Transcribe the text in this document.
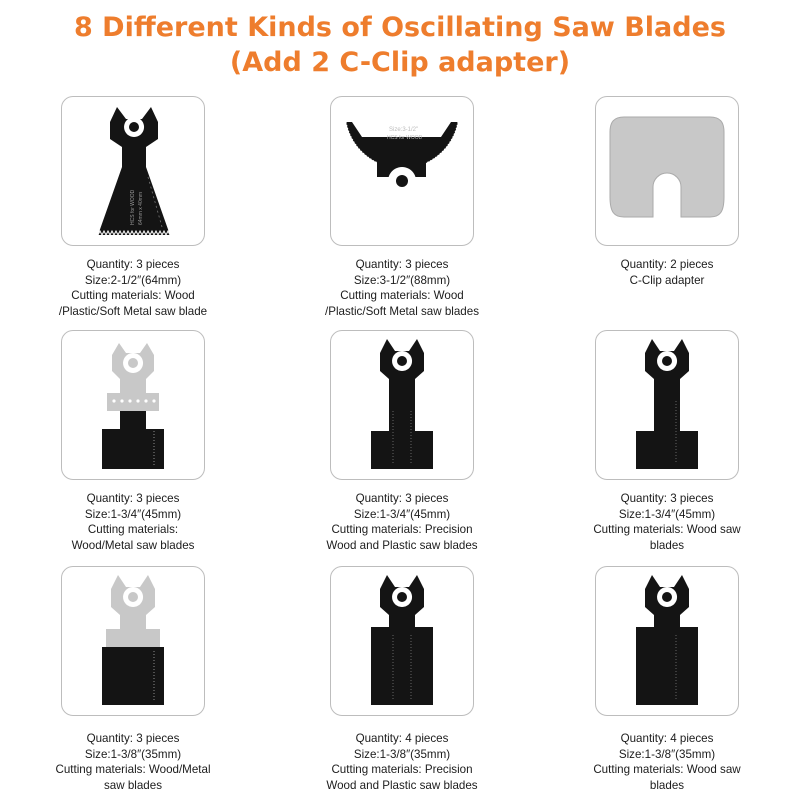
8 Different Kinds of Oscillating Saw Blades
(Add 2 C-Clip adapter)
HCS for WOOD 64mm x 40mm
Quantity: 3 pieces
Size:2-1/2″(64mm)
Cutting materials: Wood
/Plastic/Soft Metal saw blade
Size:3-1/2"
HCS for WOOD
Quantity: 3 pieces
Size:3-1/2″(88mm)
Cutting materials: Wood
/Plastic/Soft Metal saw blades
Quantity: 2 pieces
C-Clip adapter
Quantity: 3 pieces
Size:1-3/4″(45mm)
Cutting materials:
Wood/Metal saw blades
Quantity: 3 pieces
Size:1-3/4″(45mm)
Cutting materials: Precision
Wood and Plastic saw blades
Quantity: 3 pieces
Size:1-3/4″(45mm)
Cutting materials: Wood saw
blades
Quantity: 3 pieces
Size:1-3/8″(35mm)
Cutting materials: Wood/Metal
saw blades
Quantity: 4 pieces
Size:1-3/8″(35mm)
Cutting materials: Precision
Wood and Plastic saw blades
Quantity: 4 pieces
Size:1-3/8″(35mm)
Cutting materials: Wood saw
blades
